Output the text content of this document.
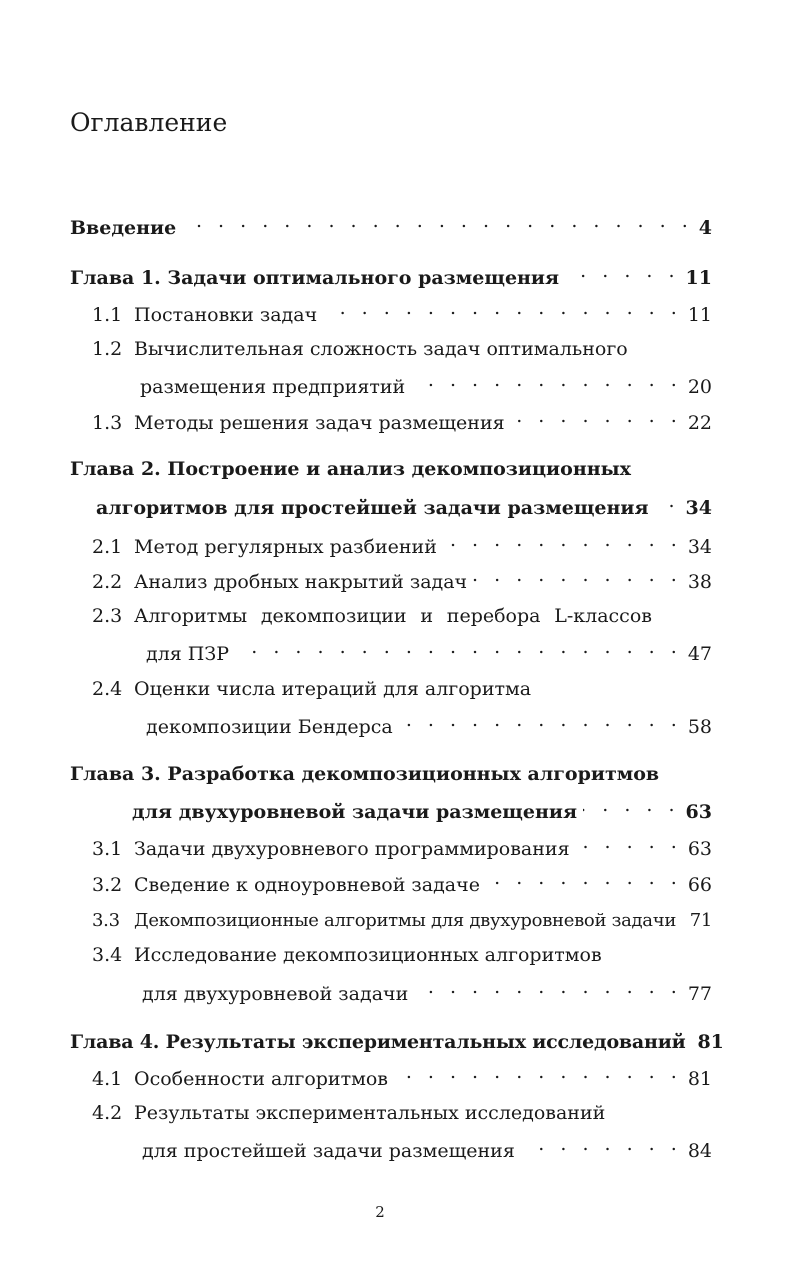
Оглавление
Введение . . .	4
Глава 1. Задачи оптимального размещения . . .	11
1.1 Постановки задач . . .	11
1.2 Вычислительная сложность задач оптимального
размещения предприятий . . .	20
1.3 Методы решения задач размещения . . .	22
Глава 2. Построение и анализ декомпозиционных
алгоритмов для простейшей задачи размещения . . . 34
2.1 Метод регулярных разбиений . . .	34
2.2 Анализ дробных накрытий задач . . .	38
2.3 Алгоритмы декомпозиции и перебора L-классов
для ПЗР . . .	47
2.4 Оценки числа итераций для алгоритма
декомпозиции Бендерса . . .	58
Глава 3. Разработка декомпозиционных алгоритмов
для двухуровневой задачи размещения . . .	63
3.1 Задачи двухуровневого программирования . . .	63
3.2 Сведение к одноуровневой задаче . . .	66
3.3 Декомпозиционные алгоритмы для двухуровневой задачи . . . 71
3.4 Исследование декомпозиционных алгоритмов
для двухуровневой задачи . . .	77
Глава 4. Результаты экспериментальных исследований 81
4.1 Особенности алгоритмов . . .	81
4.2 Результаты экспериментальных исследований
для простейшей задачи размещения . . .	84
2
